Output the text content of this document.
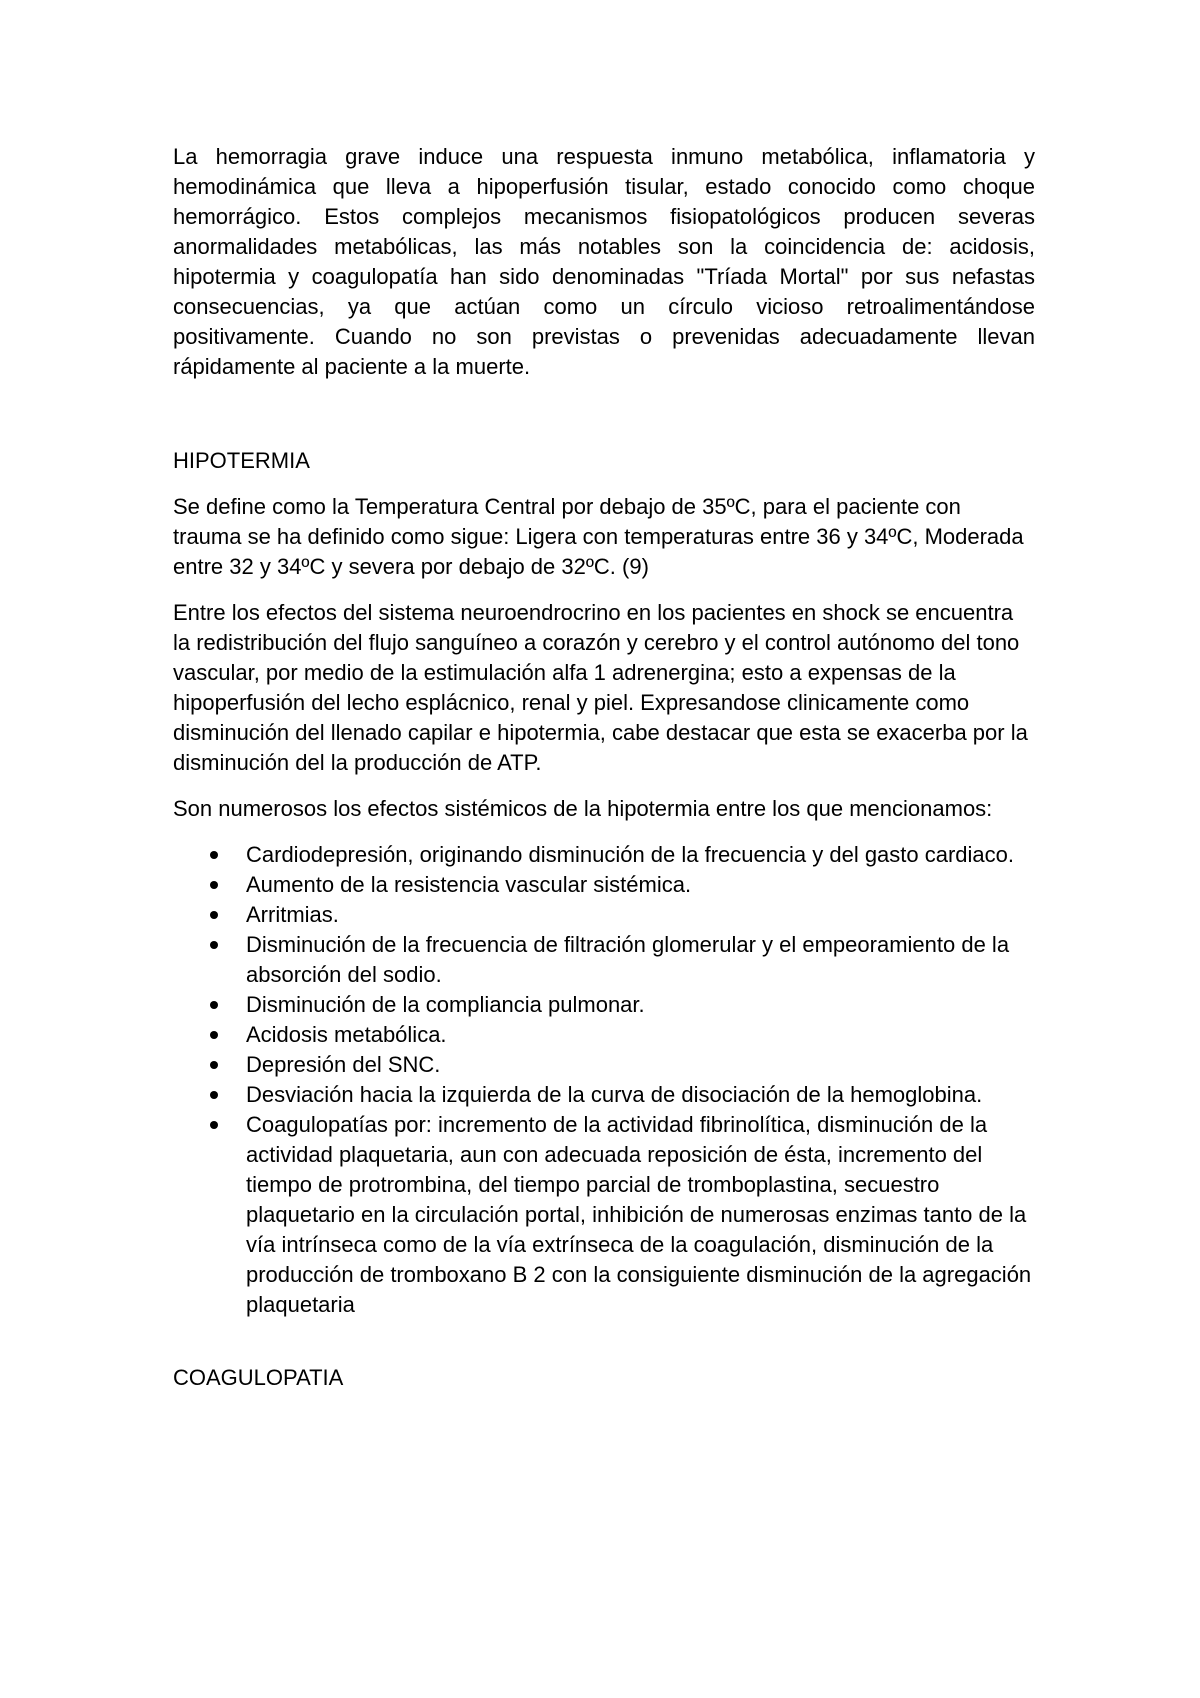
La hemorragia grave induce una respuesta inmuno metabólica, inflamatoria y hemodinámica que lleva a hipoperfusión tisular, estado conocido como choque hemorrágico. Estos complejos mecanismos fisiopatológicos producen severas anormalidades metabólicas, las más notables son la coincidencia de: acidosis, hipotermia y coagulopatía han sido denominadas "Tríada Mortal" por sus nefastas consecuencias, ya que actúan como un círculo vicioso retroalimentándose positivamente. Cuando no son previstas o prevenidas adecuadamente llevan rápidamente al paciente a la muerte.

HIPOTERMIA

Se define como la Temperatura Central por debajo de 35ºC, para el paciente con trauma se ha definido como sigue: Ligera con temperaturas entre 36 y 34ºC, Moderada entre 32 y 34ºC y severa por debajo de 32ºC. (9)

Entre los efectos del sistema neuroendrocrino en los pacientes en shock se encuentra la redistribución del flujo sanguíneo a corazón y cerebro y el control autónomo del tono vascular, por medio de la estimulación alfa 1 adrenergina; esto a expensas de la hipoperfusión del lecho esplácnico, renal y piel. Expresandose clinicamente como disminución del llenado capilar e hipotermia, cabe destacar que esta se exacerba por la disminución del la producción de ATP.

Son numerosos los efectos sistémicos de la hipotermia entre los que mencionamos:

Cardiodepresión, originando disminución de la frecuencia y del gasto cardiaco.
Aumento de la resistencia vascular sistémica.
Arritmias.
Disminución de la frecuencia de filtración glomerular y el empeoramiento de la absorción del sodio.
Disminución de la compliancia pulmonar.
Acidosis metabólica.
Depresión del SNC.
Desviación hacia la izquierda de la curva de disociación de la hemoglobina.
Coagulopatías por: incremento de la actividad fibrinolítica, disminución de la actividad plaquetaria, aun con adecuada reposición de ésta, incremento del tiempo de protrombina, del tiempo parcial de tromboplastina, secuestro plaquetario en la circulación portal, inhibición de numerosas enzimas tanto de la vía intrínseca como de la vía extrínseca de la coagulación, disminución de la producción de tromboxano B 2 con la consiguiente disminución de la agregación plaquetaria
COAGULOPATIA
